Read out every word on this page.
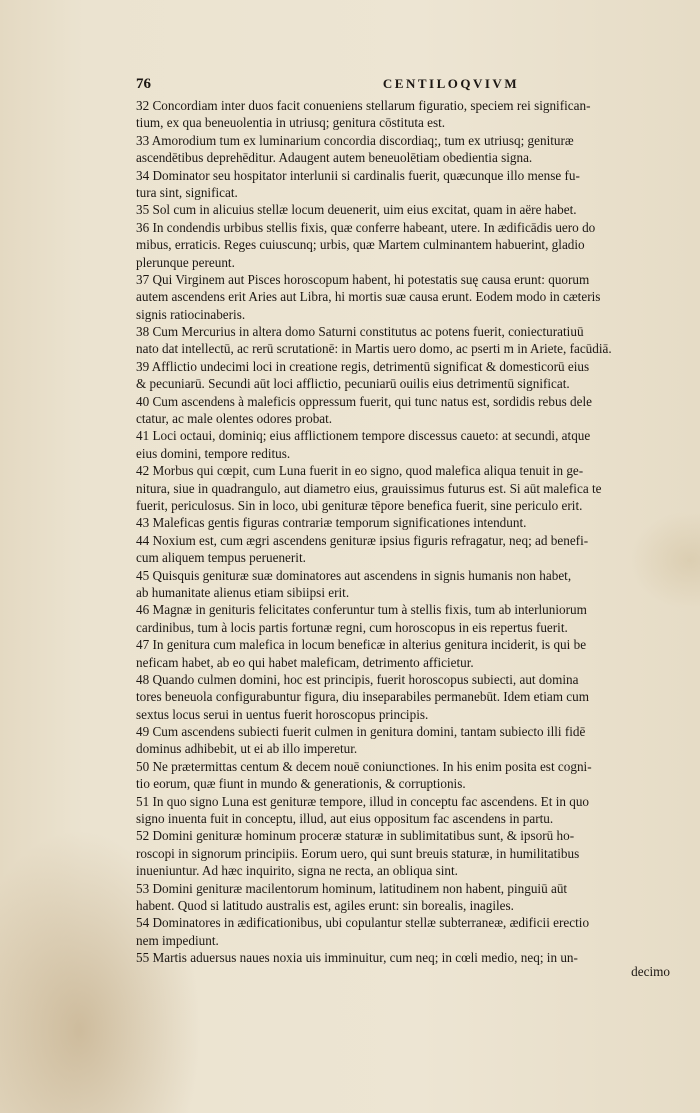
76	CENTILOQVIVM
32 Concordiam inter duos facit conueniens stellarum figuratio, speciem rei significan-
tium, ex qua beneuolentia in utriusq; genitura cōstituta est.
33 Amorodium tum ex luminarium concordia discordiaq;, tum ex utriusq; genituræ
ascendētibus deprehēditur. Adaugent autem beneuolētiam obedientia signa.
34 Dominator seu hospitator interlunii si cardinalis fuerit, quæcunque illo mense fu-
tura sint, significat.
35 Sol cum in alicuius stellæ locum deuenerit, uim eius excitat, quam in aëre habet.
36 In condendis urbibus stellis fixis, quæ conferre habeant, utere. In ædificādis uero do
mibus, erraticis. Reges cuiuscunq; urbis, quæ Martem culminantem habuerint, gladio
plerunque pereunt.
37 Qui Virginem aut Pisces horoscopum habent, hi potestatis suę causa erunt: quorum
autem ascendens erit Aries aut Libra, hi mortis suæ causa erunt. Eodem modo in cæteris
signis ratiocinaberis.
38 Cum Mercurius in altera domo Saturni constitutus ac potens fuerit, coniecturatiuū
nato dat intellectū, ac rerū scrutationē: in Martis uero domo, ac pserti m in Ariete, facūdiā.
39 Afflictio undecimi loci in creatione regis, detrimentū significat & domesticorū eius
& pecuniarū. Secundi aūt loci afflictio, pecuniarū ouilis eius detrimentū significat.
40 Cum ascendens à maleficis oppressum fuerit, qui tunc natus est, sordidis rebus dele
ctatur, ac male olentes odores probat.
41 Loci octaui, dominiq; eius afflictionem tempore discessus caueto: at secundi, atque
eius domini, tempore reditus.
42 Morbus qui cœpit, cum Luna fuerit in eo signo, quod malefica aliqua tenuit in ge-
nitura, siue in quadrangulo, aut diametro eius, grauissimus futurus est. Si aūt malefica te
fuerit, periculosus. Sin in loco, ubi genituræ tēpore benefica fuerit, sine periculo erit.
43 Maleficas gentis figuras contrariæ temporum significationes intendunt.
44 Noxium est, cum ægri ascendens genituræ ipsius figuris refragatur, neq; ad benefi-
cum aliquem tempus peruenerit.
45 Quisquis genituræ suæ dominatores aut ascendens in signis humanis non habet,
ab humanitate alienus etiam sibiipsi erit.
46 Magnæ in genituris felicitates conferuntur tum à stellis fixis, tum ab interluniorum
cardinibus, tum à locis partis fortunæ regni, cum horoscopus in eis repertus fuerit.
47 In genitura cum malefica in locum beneficæ in alterius genitura inciderit, is qui be
neficam habet, ab eo qui habet maleficam, detrimento afficietur.
48 Quando culmen domini, hoc est principis, fuerit horoscopus subiecti, aut domina
tores beneuola configurabuntur figura, diu inseparabiles permanebūt. Idem etiam cum
sextus locus serui in uentus fuerit horoscopus principis.
49 Cum ascendens subiecti fuerit culmen in genitura domini, tantam subiecto illi fidē
dominus adhibebit, ut ei ab illo imperetur.
50 Ne prætermittas centum & decem nouē coniunctiones. In his enim posita est cogni-
tio eorum, quæ fiunt in mundo & generationis, & corruptionis.
51 In quo signo Luna est genituræ tempore, illud in conceptu fac ascendens. Et in quo
signo inuenta fuit in conceptu, illud, aut eius oppositum fac ascendens in partu.
52 Domini genituræ hominum proceræ staturæ in sublimitatibus sunt, & ipsorū ho-
roscopi in signorum principiis. Eorum uero, qui sunt breuis staturæ, in humilitatibus
inueniuntur. Ad hæc inquirito, signa ne recta, an obliqua sint.
53 Domini genituræ macilentorum hominum, latitudinem non habent, pinguiū aūt
habent. Quod si latitudo australis est, agiles erunt: sin borealis, inagiles.
54 Dominatores in ædificationibus, ubi copulantur stellæ subterraneæ, ædificii erectio
nem impediunt.
55 Martis aduersus naues noxia uis imminuitur, cum neq; in cœli medio, neq; in un-
decimo
